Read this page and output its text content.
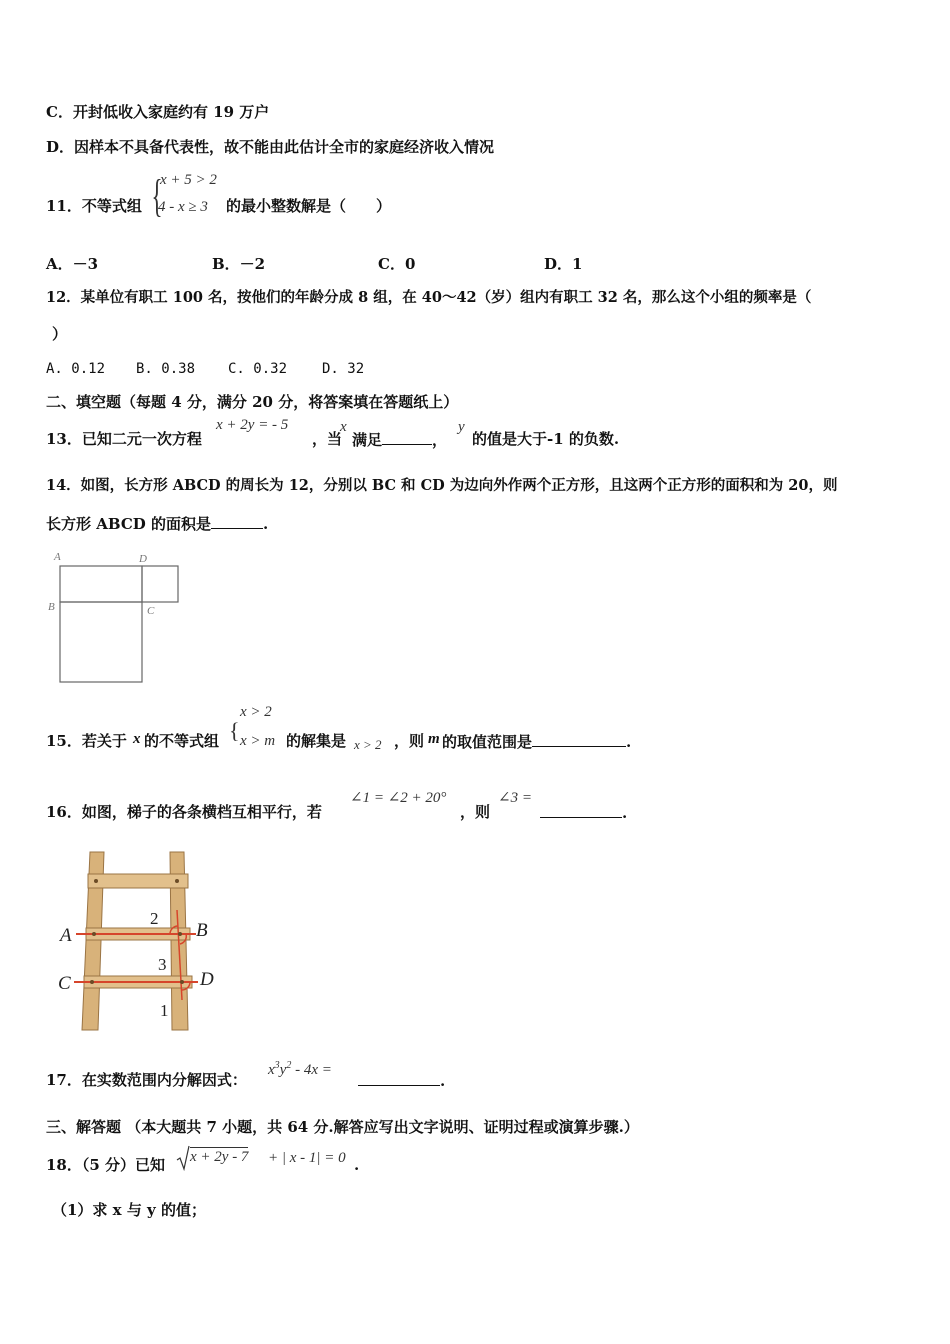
C．开封低收入家庭约有 19 万户
D．因样本不具备代表性，故不能由此估计全市的家庭经济收入情况
11．不等式组 {
x + 5 > 2
4 - x ≥ 3 的最小整数解是（　　）
A．－3	B．－2	C．0	D．1
12．某单位有职工 100 名，按他们的年龄分成 8 组，在 40～42（岁）组内有职工 32 名，那么这个小组的频率是（
）
A. 0.12 B. 0.38 C. 0.32 D. 32
二、填空题（每题 4 分，满分 20 分，将答案填在答题纸上）
13．已知二元一次方程
x + 2y = - 5
，当
x
满足	，
y
的值是大于-1 的负数.
14．如图，长方形 ABCD 的周长为 12，分别以 BC 和 CD 为边向外作两个正方形，且这两个正方形的面积和为 20，则
长方形 ABCD 的面积是	.
A	D
B	C
15．若关于 x 的不等式组 {
x > 2
x > m 的解集是 x > 2 ，则 m 的取值范围是	.
16．如图，梯子的各条横档互相平行，若
∠1 = ∠2 + 20°
，则
∠3 =
.
A	B
C	D
2
3
1
17．在实数范围内分解因式：
$x^3y^2 - 4x$ =
.
三、解答题 （本大题共 7 小题，共 64 分.解答应写出文字说明、证明过程或演算步骤.）
18．（5 分）已知 x + 2y - 7 + | x - 1| = 0 .
（1）求 x 与 y 的值；
